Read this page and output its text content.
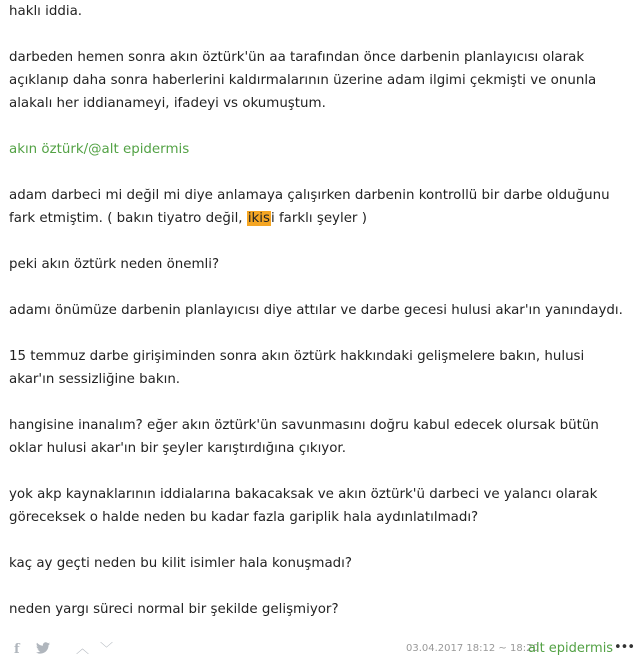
haklı iddia.

darbeden hemen sonra akın öztürk'ün aa tarafından önce darbenin planlayıcısı olarak açıklanıp daha sonra haberlerini kaldırmalarının üzerine adam ilgimi çekmişti ve onunla alakalı her iddianameyi, ifadeyi vs okumuştum.

akın öztürk/@alt epidermis

adam darbeci mi değil mi diye anlamaya çalışırken darbenin kontrollü bir darbe olduğunu fark etmiştim. ( bakın tiyatro değil, ikisi farklı şeyler )

peki akın öztürk neden önemli?

adamı önümüze darbenin planlayıcısı diye attılar ve darbe gecesi hulusi akar'ın yanındaydı.

15 temmuz darbe girişiminden sonra akın öztürk hakkındaki gelişmelere bakın, hulusi akar'ın sessizliğine bakın.

hangisine inanalım? eğer akın öztürk'ün savunmasını doğru kabul edecek olursak bütün oklar hulusi akar'ın bir şeyler karıştırdığına çıkıyor.

yok akp kaynaklarının iddialarına bakacaksak ve akın öztürk'ü darbeci ve yalancı olarak göreceksek o halde neden bu kadar fazla gariplik hala aydınlatılmadı?

kaç ay geçti neden bu kilit isimler hala konuşmadı?

neden yargı süreci normal bir şekilde gelişmiyor?

f	︿ ﹀	03.04.2017 18:12 ~ 18:20
alt epidermis •••
